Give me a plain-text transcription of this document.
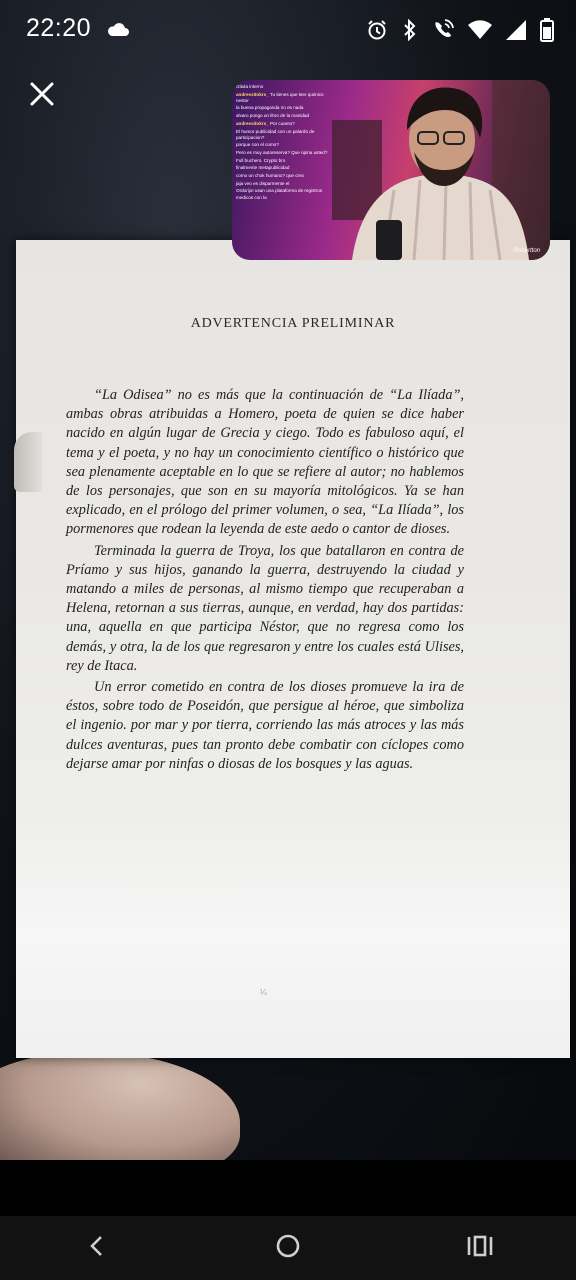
ADVERTENCIA PRELIMINAR

“La Odisea” no es más que la continuación de “La Ilíada”, ambas obras atribuidas a Homero, poeta de quien se dice haber nacido en algún lugar de Grecia y ciego. Todo es fabuloso aquí, el tema y el poeta, y no hay un conocimiento científico o histórico que sea plenamente aceptable en lo que se refiere al autor; no hablemos de los personajes, que son en su mayoría mitológicos. Ya se han explicado, en el prólogo del primer volumen, o sea, “La Ilíada”, los pormenores que rodean la leyenda de este aedo o cantor de dioses.

Terminada la guerra de Troya, los que batallaron en contra de Príamo y sus hijos, ganando la guerra, destruyendo la ciudad y matando a miles de personas, al mismo tiempo que recuperaban a Helena, retornan a sus tierras, aunque, en verdad, hay dos partidas: una, aquella en que participa Néstor, que no regresa como los demás, y otra, la de los que regresaron y entre los cuales está Ulises, rey de Itaca.

Un error cometido en contra de los dioses promueve la ira de éstos, sobre todo de Poseidón, que persigue al héroe, que simboliza el ingenio. por mar y por tierra, corriendo las más atroces y las más dulces aventuras, pues tan pronto debe combatir con cíclopes como dejarse amar por ninfas o diosas de los bosques y las aguas.

¼
22:20
ctitula interno
andressitokrs_ Tu tienes que leer quimico nestor
la buena propaganda no es nada
alvaro pongo un libro de la manidad
andressitokrs_ Por cuanto?
El humor publicidad con un palardo de participacion?
porque con el como?
Pero es muy autoreserva? Que opina usted?
Full buchero. Crypto bro
finalmente metapublicidad
como un chok humano? que crex
jaja veo es disparmente el
Ordorijo! usan una plataforma de registros medicos con la
Robertton
